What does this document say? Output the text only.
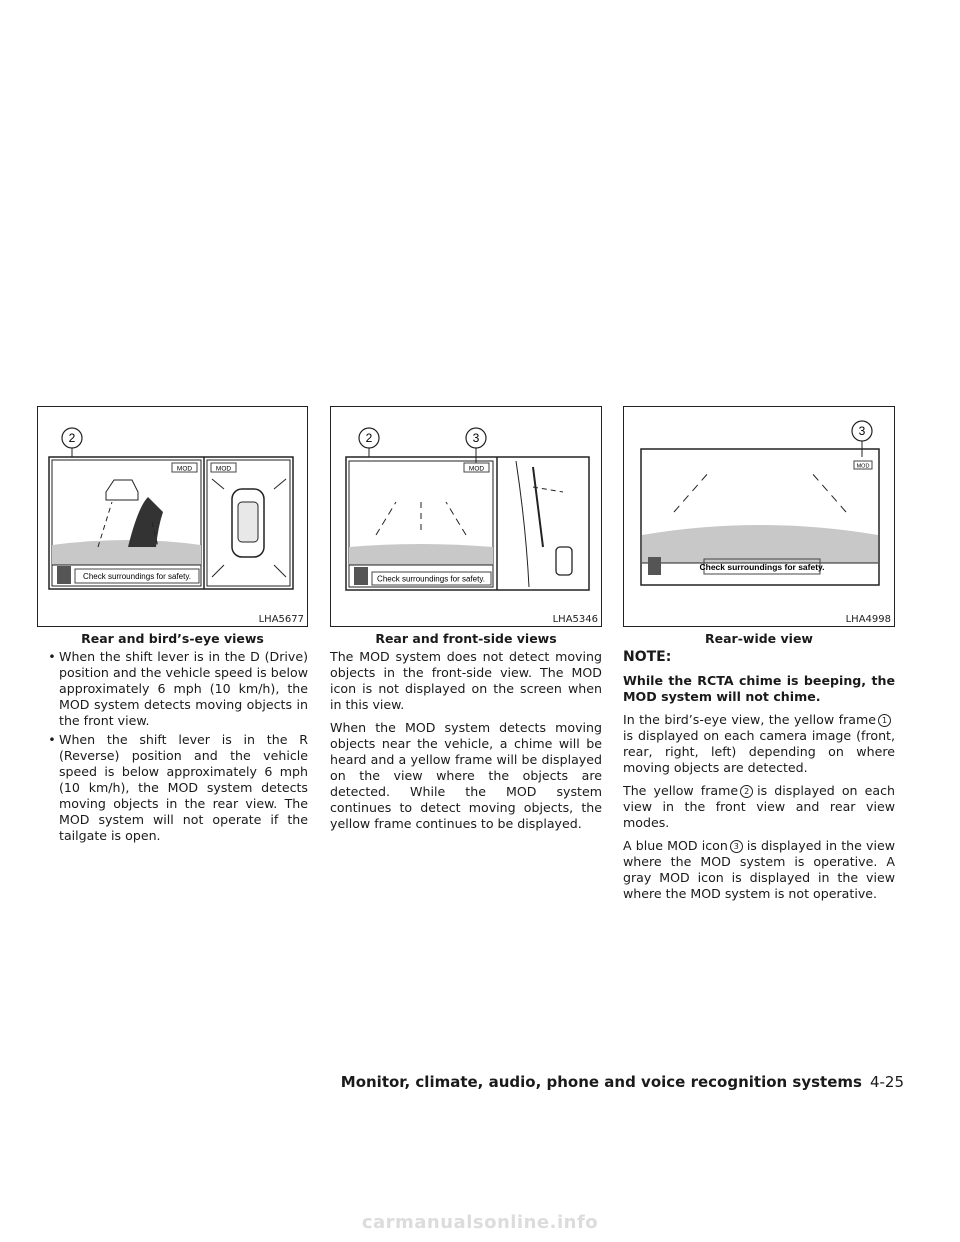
2
MOD	MOD
Check surroundings for safety.
LHA5677
Rear and bird’s-eye views
2	3
MOD
Check surroundings for safety.
LHA5346
Rear and front-side views
3
MOD
Check surroundings for safety.
LHA4998
Rear-wide view
• When the shift lever is in the D (Drive) position and the vehicle speed is below approximately 6 mph (10 km/h), the MOD system detects moving objects in the front view.
• When the shift lever is in the R (Reverse) position and the vehicle speed is below approximately 6 mph (10 km/h), the MOD system detects moving objects in the rear view. The MOD system will not operate if the tailgate is open.

The MOD system does not detect moving objects in the front-side view. The MOD icon is not displayed on the screen when in this view.

When the MOD system detects moving objects near the vehicle, a chime will be heard and a yellow frame will be displayed on the view where the objects are detected. While the MOD system continues to detect moving objects, the yellow frame continues to be displayed.

NOTE:

While the RCTA chime is beeping, the MOD system will not chime.

In the bird’s-eye view, the yellow frame 1is displayed on each camera image (front, rear, right, left) depending on where moving objects are detected.

The yellow frame 2 is displayed on each view in the front view and rear view modes.

A blue MOD icon 3 is displayed in the view where the MOD system is operative. A gray MOD icon is displayed in the view where the MOD system is not operative.

Monitor, climate, audio, phone and voice recognition systems 4-25
carmanualsonline.info
